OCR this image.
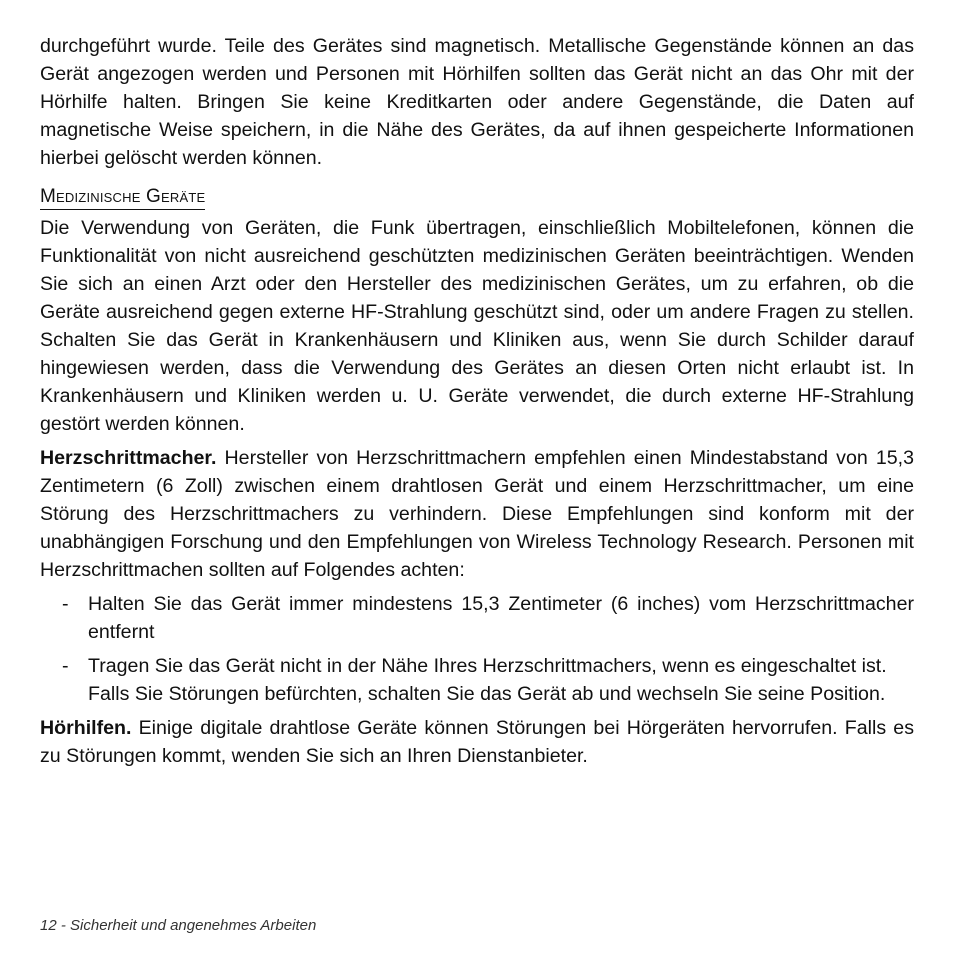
durchgeführt wurde. Teile des Gerätes sind magnetisch. Metallische Gegenstände können an das Gerät angezogen werden und Personen mit Hörhilfen sollten das Gerät nicht an das Ohr mit der Hörhilfe halten. Bringen Sie keine Kreditkarten oder andere Gegenstände, die Daten auf magnetische Weise speichern, in die Nähe des Gerätes, da auf ihnen gespeicherte Informationen hierbei gelöscht werden können.

Medizinische Geräte

Die Verwendung von Geräten, die Funk übertragen, einschließlich Mobiltelefonen, können die Funktionalität von nicht ausreichend geschützten medizinischen Geräten beeinträchtigen. Wenden Sie sich an einen Arzt oder den Hersteller des medizinischen Gerätes, um zu erfahren, ob die Geräte ausreichend gegen externe HF-Strahlung geschützt sind, oder um andere Fragen zu stellen. Schalten Sie das Gerät in Krankenhäusern und Kliniken aus, wenn Sie durch Schilder darauf hingewiesen werden, dass die Verwendung des Gerätes an diesen Orten nicht erlaubt ist. In Krankenhäusern und Kliniken werden u. U. Geräte verwendet, die durch externe HF-Strahlung gestört werden können.

Herzschrittmacher. Hersteller von Herzschrittmachern empfehlen einen Mindestabstand von 15,3 Zentimetern (6 Zoll) zwischen einem drahtlosen Gerät und einem Herzschrittmacher, um eine Störung des Herzschrittmachers zu verhindern. Diese Empfehlungen sind konform mit der unabhängigen Forschung und den Empfehlungen von Wireless Technology Research. Personen mit Herzschrittmachen sollten auf Folgendes achten:

- Halten Sie das Gerät immer mindestens 15,3 Zentimeter (6 inches) vom Herzschrittmacher entfernt

- Tragen Sie das Gerät nicht in der Nähe Ihres Herzschrittmachers, wenn es eingeschaltet ist.

Falls Sie Störungen befürchten, schalten Sie das Gerät ab und wechseln Sie seine Position.

Hörhilfen. Einige digitale drahtlose Geräte können Störungen bei Hörgeräten hervorrufen. Falls es zu Störungen kommt, wenden Sie sich an Ihren Dienstanbieter.

12 - Sicherheit und angenehmes Arbeiten
